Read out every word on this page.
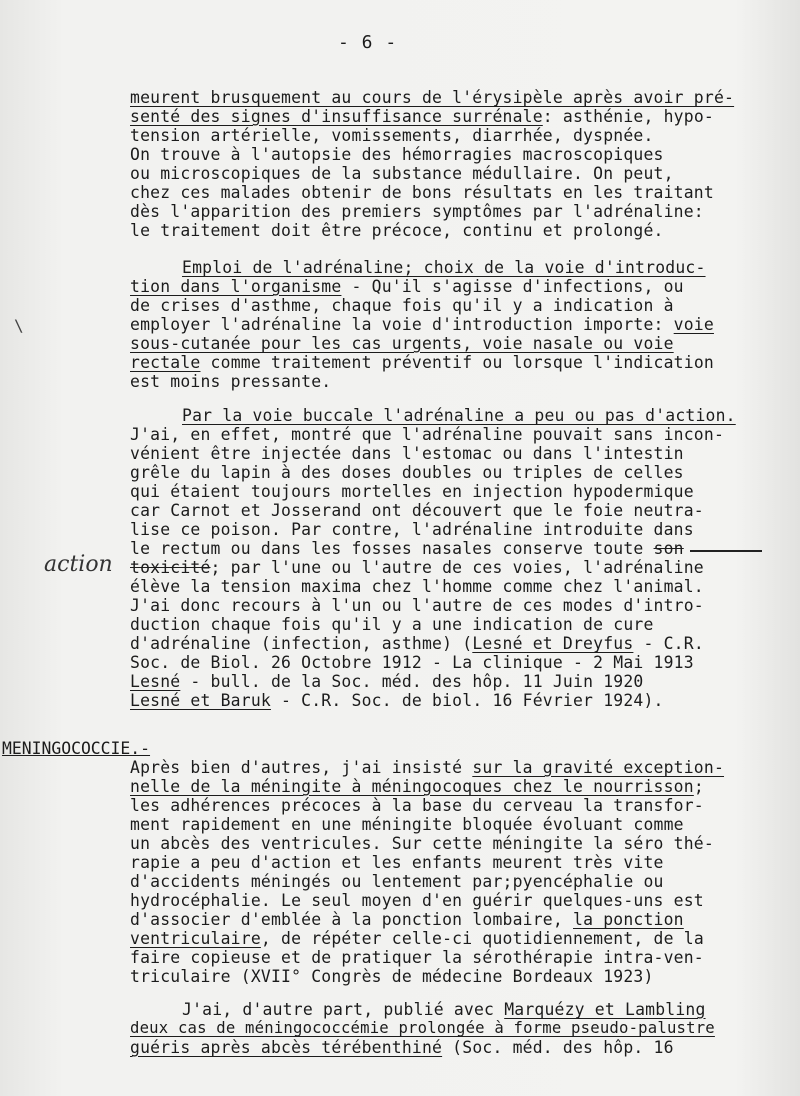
- 6 -
\
meurent brusquement au cours de l'érysipèle après avoir pré-
senté des signes d'insuffisance surrénale: asthénie, hypo-
tension artérielle, vomissements, diarrhée, dyspnée.
On trouve à l'autopsie des hémorragies macroscopiques
ou microscopiques de la substance médullaire. On peut,
chez ces malades obtenir de bons résultats en les traitant
dès l'apparition des premiers symptômes par l'adrénaline:
le traitement doit être précoce, continu et prolongé.
Emploi de l'adrénaline; choix de la voie d'introduc-
tion dans l'organisme - Qu'il s'agisse d'infections, ou
de crises d'asthme, chaque fois qu'il y a indication à
employer l'adrénaline la voie d'introduction importe: voie
sous-cutanée pour les cas urgents, voie nasale ou voie
rectale comme traitement préventif ou lorsque l'indication
est moins pressante.
Par la voie buccale l'adrénaline a peu ou pas d'action.
J'ai, en effet, montré que l'adrénaline pouvait sans incon-
vénient être injectée dans l'estomac ou dans l'intestin
grêle du lapin à des doses doubles ou triples de celles
qui étaient toujours mortelles en injection hypodermique
car Carnot et Josserand ont découvert que le foie neutra-
lise ce poison. Par contre, l'adrénaline introduite dans
le rectum ou dans les fosses nasales conserve toute son
toxicité; par l'une ou l'autre de ces voies, l'adrénaline
action
élève la tension maxima chez l'homme comme chez l'animal.
J'ai donc recours à l'un ou l'autre de ces modes d'intro-
duction chaque fois qu'il y a une indication de cure
d'adrénaline (infection, asthme) (Lesné et Dreyfus - C.R.
Soc. de Biol. 26 Octobre 1912 - La clinique - 2 Mai 1913
Lesné - bull. de la Soc. méd. des hôp. 11 Juin 1920
Lesné et Baruk - C.R. Soc. de biol. 16 Février 1924).
MENINGOCOCCIE.-
Après bien d'autres, j'ai insisté sur la gravité exception-
nelle de la méningite à méningocoques chez le nourrisson;
les adhérences précoces à la base du cerveau la transfor-
ment rapidement en une méningite bloquée évoluant comme
un abcès des ventricules. Sur cette méningite la séro thé-
rapie a peu d'action et les enfants meurent très vite
d'accidents méningés ou lentement par;pyencéphalie ou
hydrocéphalie. Le seul moyen d'en guérir quelques-uns est
d'associer d'emblée à la ponction lombaire, la ponction
ventriculaire, de répéter celle-ci quotidiennement, de la
faire copieuse et de pratiquer la sérothérapie intra-ven-
triculaire (XVII° Congrès de médecine Bordeaux 1923)
J'ai, d'autre part, publié avec Marquézy et Lambling
deux cas de méningococcémie prolongée à forme pseudo-palustre
guéris après abcès térébenthiné (Soc. méd. des hôp. 16
